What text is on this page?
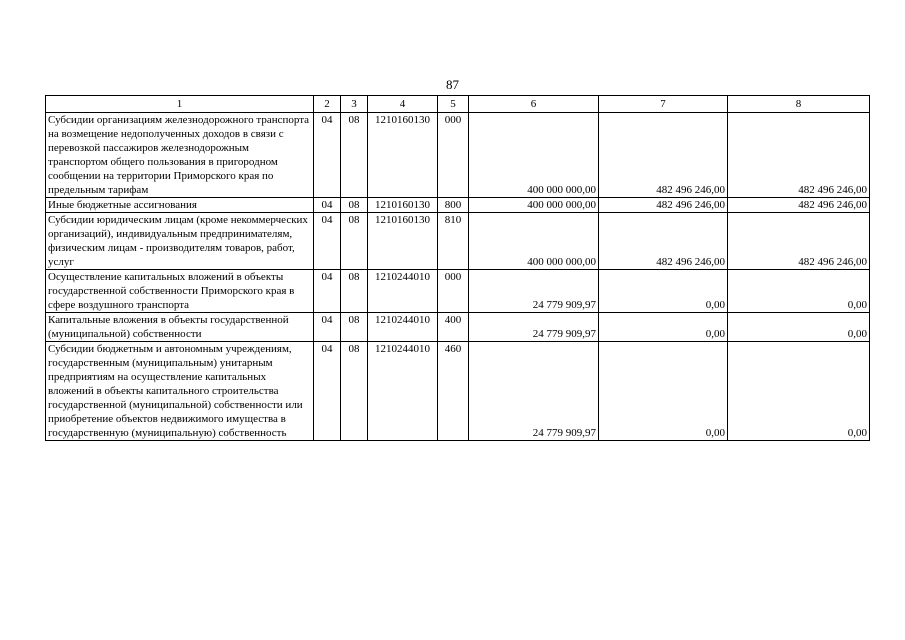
87
1	2	3	4	5	6	7	8
Субсидии организациям железнодорожного транспорта на возмещение недополученных доходов в связи с перевозкой пассажиров железнодорожным транспортом общего пользования в пригородном сообщении на территории Приморского края по предельным тарифам	04	08	1210160130	000	400 000 000,00	482 496 246,00	482 496 246,00
Иные бюджетные ассигнования	04	08	1210160130	800	400 000 000,00	482 496 246,00	482 496 246,00
Субсидии юридическим лицам (кроме некоммерческих организаций), индивидуальным предпринимателям, физическим лицам - производителям товаров, работ, услуг	04	08	1210160130	810	400 000 000,00	482 496 246,00	482 496 246,00
Осуществление капитальных вложений в объекты государственной собственности Приморского края в сфере воздушного транспорта	04	08	1210244010	000	24 779 909,97	0,00	0,00
Капитальные вложения в объекты государственной (муниципальной) собственности	04	08	1210244010	400	24 779 909,97	0,00	0,00
Субсидии бюджетным и автономным учреждениям, государственным (муниципальным) унитарным предприятиям на осуществление капитальных вложений в объекты капитального строительства государственной (муниципальной) собственности или приобретение объектов недвижимого имущества в государственную (муниципальную) собственность	04	08	1210244010	460	24 779 909,97	0,00	0,00
